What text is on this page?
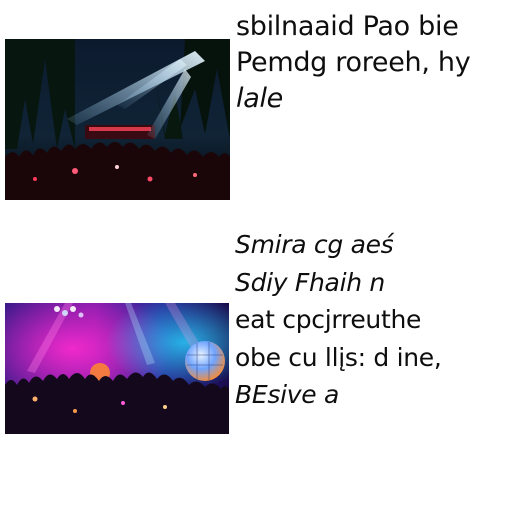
sbilnaaid Pao bie
Pemdg roreeh, hy
lale
Smira cg aeś
Sdiy Fhaih n
eat cpcjrreuthe
obe cu llįs: d ine,
BEsive a
